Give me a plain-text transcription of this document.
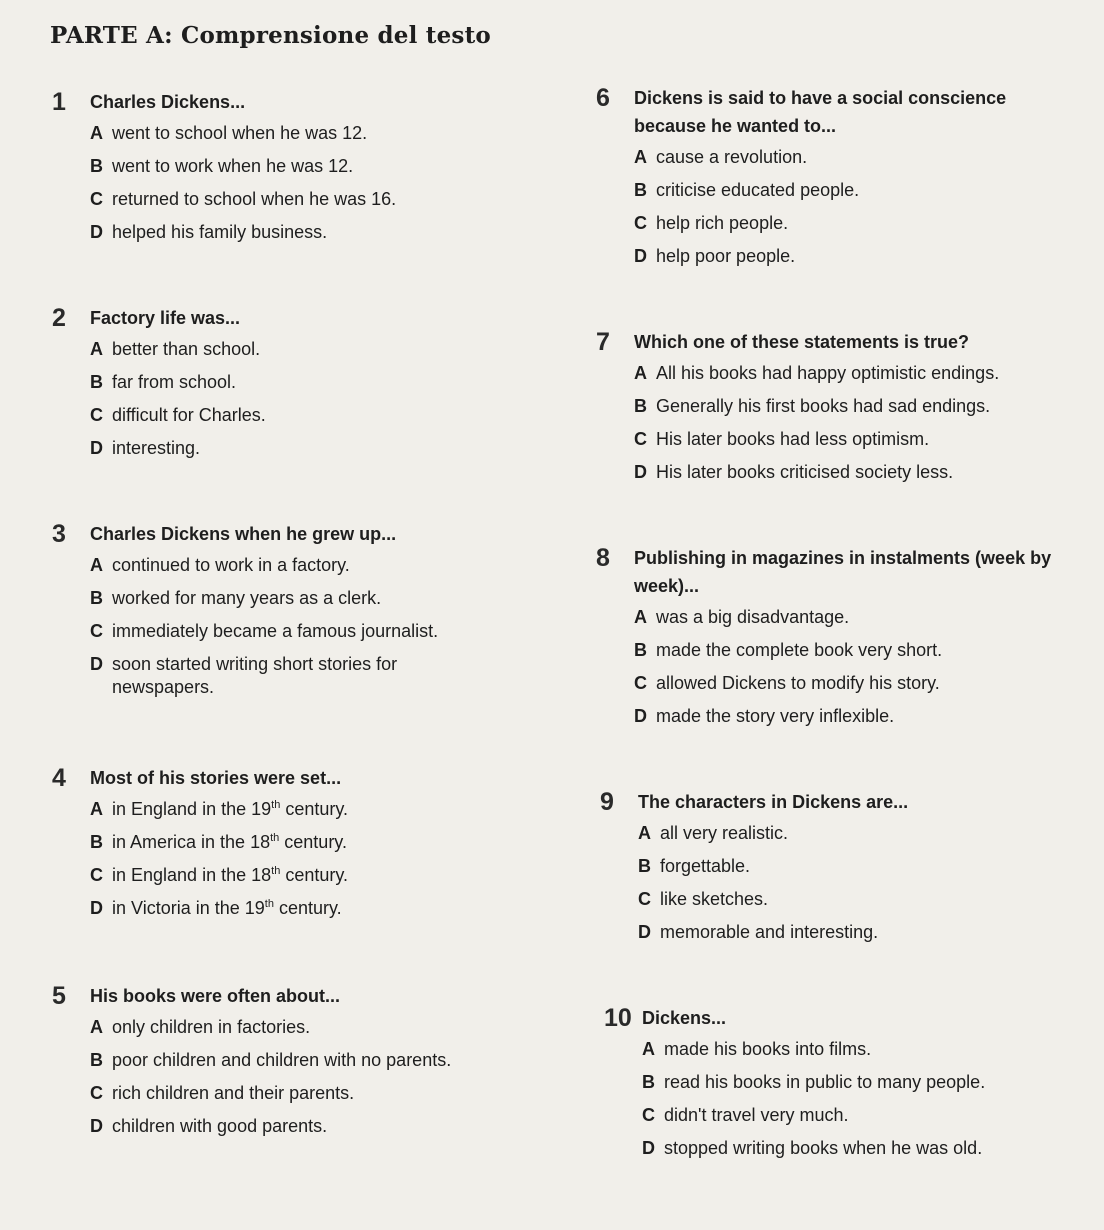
PARTE A: Comprensione del testo
1	Charles Dickens...
A went to school when he was 12.
B went to work when he was 12.
C returned to school when he was 16.
D helped his family business.
2	Factory life was...
A better than school.
B far from school.
C difficult for Charles.
D interesting.
3	Charles Dickens when he grew up...
A continued to work in a factory.
B worked for many years as a clerk.
C immediately became a famous journalist.
D soon started writing short stories for newspapers.
4	Most of his stories were set...
A in England in the 19th century.
B in America in the 18th century.
C in England in the 18th century.
D in Victoria in the 19th century.
5	His books were often about...
A only children in factories.
B poor children and children with no parents.
C rich children and their parents.
D children with good parents.
6	Dickens is said to have a social conscience because he wanted to...
A cause a revolution.
B criticise educated people.
C help rich people.
D help poor people.
7	Which one of these statements is true?
A All his books had happy optimistic endings.
B Generally his first books had sad endings.
C His later books had less optimism.
D His later books criticised society less.
8	Publishing in magazines in instalments (week by week)...
A was a big disadvantage.
B made the complete book very short.
C allowed Dickens to modify his story.
D made the story very inflexible.
9	The characters in Dickens are...
A all very realistic.
B forgettable.
C like sketches.
D memorable and interesting.
10 Dickens...
A made his books into films.
B read his books in public to many people.
C didn't travel very much.
D stopped writing books when he was old.
